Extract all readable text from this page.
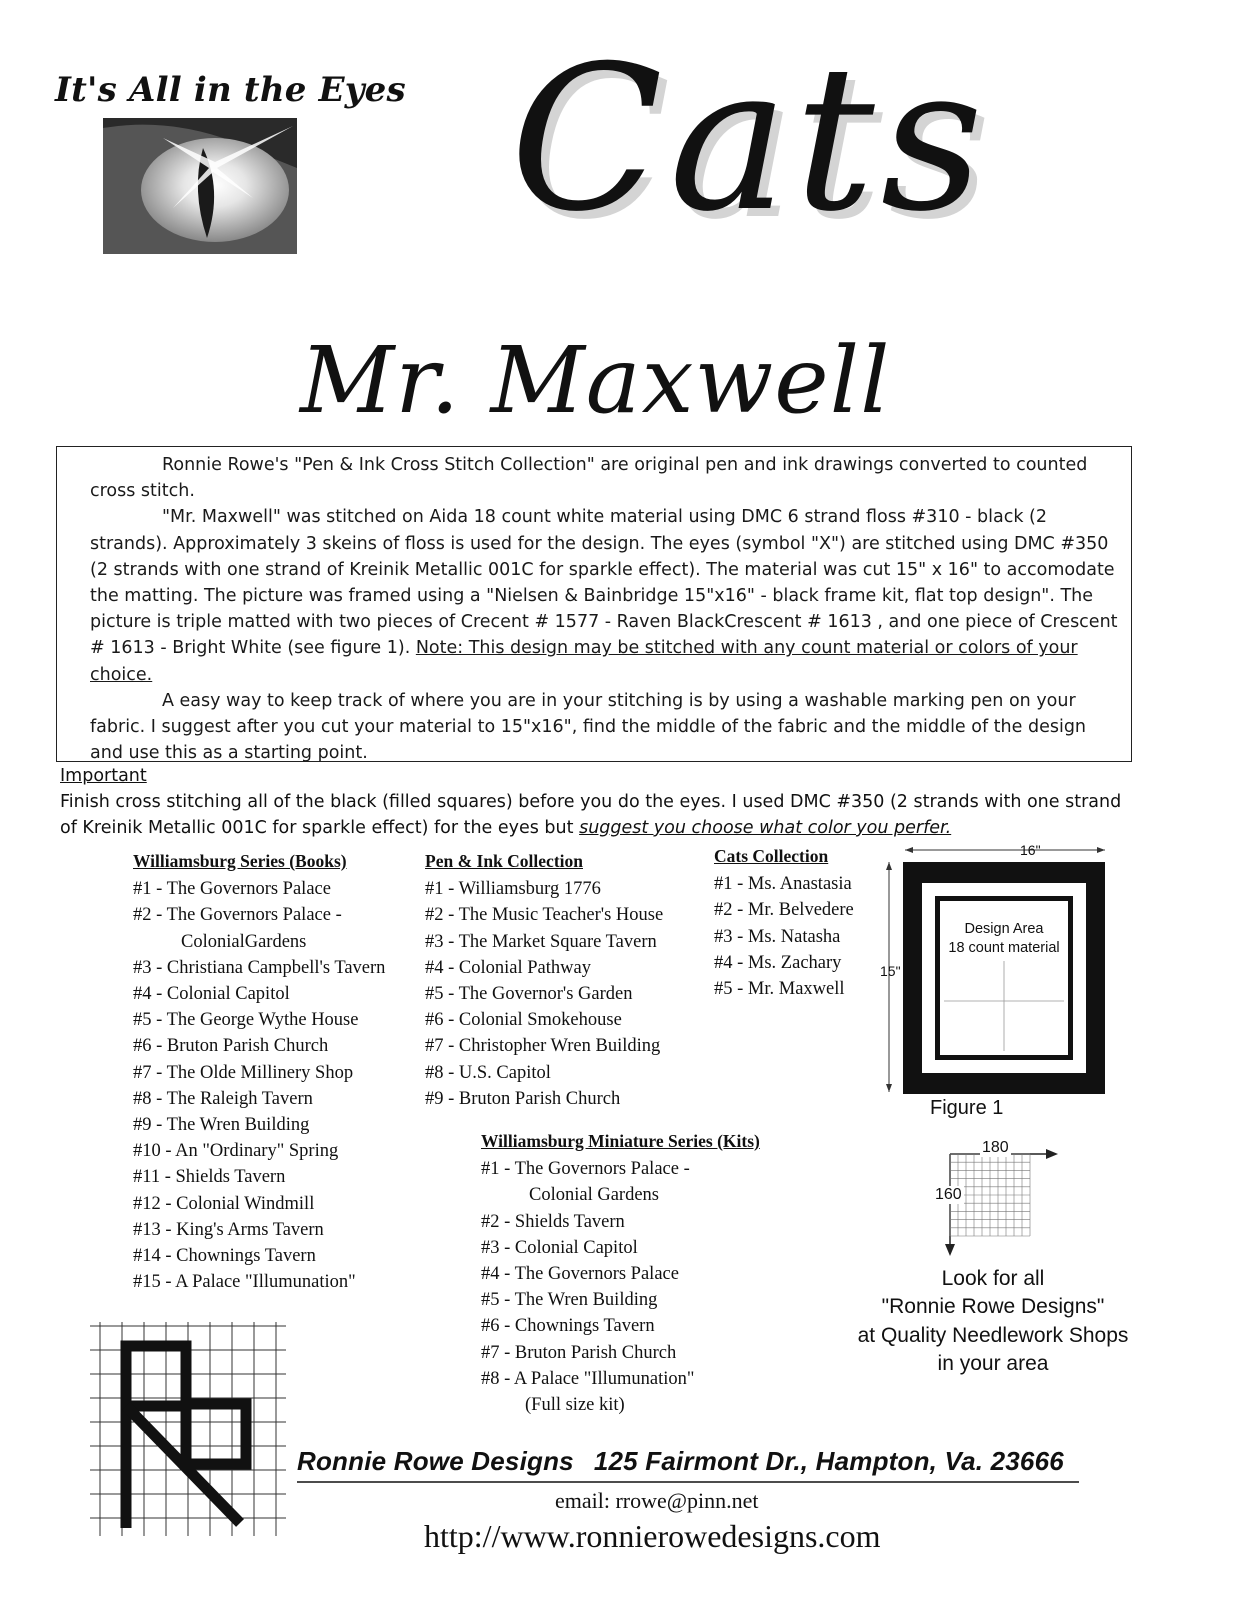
It's All in the Eyes Cats
Mr. Maxwell

Ronnie Rowe's "Pen & Ink Cross Stitch Collection" are original pen and ink drawings converted to counted cross stitch.

"Mr. Maxwell" was stitched on Aida 18 count white material using DMC 6 strand floss #310 - black (2 strands). Approximately 3 skeins of floss is used for the design. The eyes (symbol "X") are stitched using DMC #350 (2 strands with one strand of Kreinik Metallic 001C for sparkle effect). The material was cut 15" x 16" to accomodate the matting. The picture was framed using a "Nielsen & Bainbridge 15"x16" - black frame kit, flat top design". The picture is triple matted with two pieces of Crecent # 1577 - Raven BlackCrescent # 1613 , and one piece of Crescent # 1613 - Bright White (see figure 1). Note: This design may be stitched with any count material or colors of your choice.

A easy way to keep track of where you are in your stitching is by using a washable marking pen on your fabric. I suggest after you cut your material to 15"x16", find the middle of the fabric and the middle of the design and use this as a starting point.

Important
Finish cross stitching all of the black (filled squares) before you do the eyes. I used DMC #350 (2 strands with one strand of Kreinik Metallic 001C for sparkle effect) for the eyes but suggest you choose what color you perfer.
Williamsburg Series (Books)
#1 - The Governors Palace
#2 - The Governors Palace -
ColonialGardens
#3 - Christiana Campbell's Tavern
#4 - Colonial Capitol
#5 - The George Wythe House
#6 - Bruton Parish Church
#7 - The Olde Millinery Shop
#8 - The Raleigh Tavern
#9 - The Wren Building
#10 - An "Ordinary" Spring
#11 - Shields Tavern
#12 - Colonial Windmill
#13 - King's Arms Tavern
#14 - Chownings Tavern
#15 - A Palace "Illumunation"
Pen & Ink Collection
#1 - Williamsburg 1776
#2 - The Music Teacher's House
#3 - The Market Square Tavern
#4 - Colonial Pathway
#5 - The Governor's Garden
#6 - Colonial Smokehouse
#7 - Christopher Wren Building
#8 - U.S. Capitol
#9 - Bruton Parish Church
Cats Collection
#1 - Ms. Anastasia
#2 - Mr. Belvedere
#3 - Ms. Natasha
#4 - Ms. Zachary
#5 - Mr. Maxwell
Williamsburg Miniature Series (Kits)
#1 - The Governors Palace -
Colonial Gardens
#2 - Shields Tavern
#3 - Colonial Capitol
#4 - The Governors Palace
#5 - The Wren Building
#6 - Chownings Tavern
#7 - Bruton Parish Church
#8 - A Palace "Illumunation"
(Full size kit)
Design Area
18 count material
16"
15"
Figure 1
180
160
Look for all
"Ronnie Rowe Designs"
at Quality Needlework Shops
in your area
Ronnie Rowe Designs 125 Fairmont Dr., Hampton, Va. 23666
email: rrowe@pinn.net
http://www.ronnierowedesigns.com
